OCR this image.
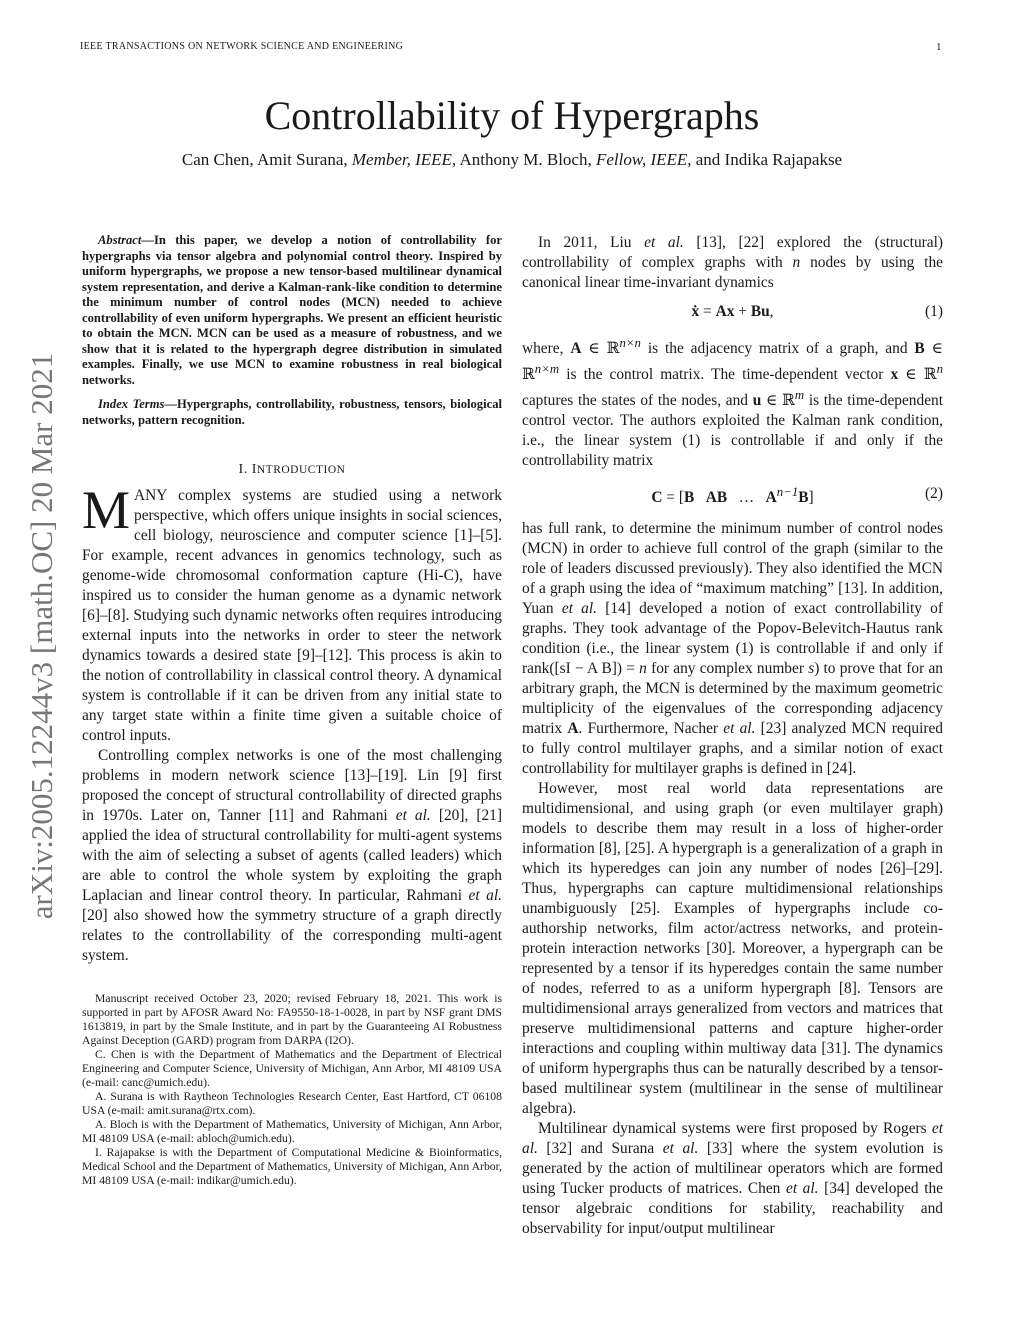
IEEE TRANSACTIONS ON NETWORK SCIENCE AND ENGINEERING	1
Controllability of Hypergraphs
Can Chen, Amit Surana, Member, IEEE, Anthony M. Bloch, Fellow, IEEE, and Indika Rajapakse
arXiv:2005.12244v3 [math.OC] 20 Mar 2021

Abstract—In this paper, we develop a notion of controllability for hypergraphs via tensor algebra and polynomial control theory. Inspired by uniform hypergraphs, we propose a new tensor-based multilinear dynamical system representation, and derive a Kalman-rank-like condition to determine the minimum number of control nodes (MCN) needed to achieve controllability of even uniform hypergraphs. We present an efficient heuristic to obtain the MCN. MCN can be used as a measure of robustness, and we show that it is related to the hypergraph degree distribution in simulated examples. Finally, we use MCN to examine robustness in real biological networks.

Index Terms—Hypergraphs, controllability, robustness, tensors, biological networks, pattern recognition.

I. INTRODUCTION

MANY complex systems are studied using a network perspective, which offers unique insights in social sciences, cell biology, neuroscience and computer science [1]–[5]. For example, recent advances in genomics technology, such as genome-wide chromosomal conformation capture (Hi-C), have inspired us to consider the human genome as a dynamic network [6]–[8]. Studying such dynamic networks often requires introducing external inputs into the networks in order to steer the network dynamics towards a desired state [9]–[12]. This process is akin to the notion of controllability in classical control theory. A dynamical system is controllable if it can be driven from any initial state to any target state within a finite time given a suitable choice of control inputs.

Controlling complex networks is one of the most challenging problems in modern network science [13]–[19]. Lin [9] first proposed the concept of structural controllability of directed graphs in 1970s. Later on, Tanner [11] and Rahmani et al. [20], [21] applied the idea of structural controllability for multi-agent systems with the aim of selecting a subset of agents (called leaders) which are able to control the whole system by exploiting the graph Laplacian and linear control theory. In particular, Rahmani et al. [20] also showed how the symmetry structure of a graph directly relates to the controllability of the corresponding multi-agent system.

Manuscript received October 23, 2020; revised February 18, 2021. This work is supported in part by AFOSR Award No: FA9550-18-1-0028, in part by NSF grant DMS 1613819, in part by the Smale Institute, and in part by the Guaranteeing AI Robustness Against Deception (GARD) program from DARPA (I2O).

C. Chen is with the Department of Mathematics and the Department of Electrical Engineering and Computer Science, University of Michigan, Ann Arbor, MI 48109 USA (e-mail: canc@umich.edu).

A. Surana is with Raytheon Technologies Research Center, East Hartford, CT 06108 USA (e-mail: amit.surana@rtx.com).

A. Bloch is with the Department of Mathematics, University of Michigan, Ann Arbor, MI 48109 USA (e-mail: abloch@umich.edu).

I. Rajapakse is with the Department of Computational Medicine & Bioinformatics, Medical School and the Department of Mathematics, University of Michigan, Ann Arbor, MI 48109 USA (e-mail: indikar@umich.edu).

In 2011, Liu et al. [13], [22] explored the (structural) controllability of complex graphs with n nodes by using the canonical linear time-invariant dynamics

ẋ = Ax + Bu,	(1)

where, A ∈ ℝ$^{n\times n}$ is the adjacency matrix of a graph, and B ∈ ℝ$^{n\times m}$ is the control matrix. The time-dependent vector x ∈ ℝ$^n$ captures the states of the nodes, and u ∈ ℝ$^m$ is the time-dependent control vector. The authors exploited the Kalman rank condition, i.e., the linear system (1) is controllable if and only if the controllability matrix

C = [B AB … $A^{n-1}B$]	(2)

has full rank, to determine the minimum number of control nodes (MCN) in order to achieve full control of the graph (similar to the role of leaders discussed previously). They also identified the MCN of a graph using the idea of “maximum matching” [13]. In addition, Yuan et al. [14] developed a notion of exact controllability of graphs. They took advantage of the Popov-Belevitch-Hautus rank condition (i.e., the linear system (1) is controllable if and only if rank([sI − A B]) = n for any complex number s) to prove that for an arbitrary graph, the MCN is determined by the maximum geometric multiplicity of the eigenvalues of the corresponding adjacency matrix A. Furthermore, Nacher et al. [23] analyzed MCN required to fully control multilayer graphs, and a similar notion of exact controllability for multilayer graphs is defined in [24].

However, most real world data representations are multidimensional, and using graph (or even multilayer graph) models to describe them may result in a loss of higher-order information [8], [25]. A hypergraph is a generalization of a graph in which its hyperedges can join any number of nodes [26]–[29]. Thus, hypergraphs can capture multidimensional relationships unambiguously [25]. Examples of hypergraphs include co-authorship networks, film actor/actress networks, and protein-protein interaction networks [30]. Moreover, a hypergraph can be represented by a tensor if its hyperedges contain the same number of nodes, referred to as a uniform hypergraph [8]. Tensors are multidimensional arrays generalized from vectors and matrices that preserve multidimensional patterns and capture higher-order interactions and coupling within multiway data [31]. The dynamics of uniform hypergraphs thus can be naturally described by a tensor-based multilinear system (multilinear in the sense of multilinear algebra).

Multilinear dynamical systems were first proposed by Rogers et al. [32] and Surana et al. [33] where the system evolution is generated by the action of multilinear operators which are formed using Tucker products of matrices. Chen et al. [34] developed the tensor algebraic conditions for stability, reachability and observability for input/output multilinear
